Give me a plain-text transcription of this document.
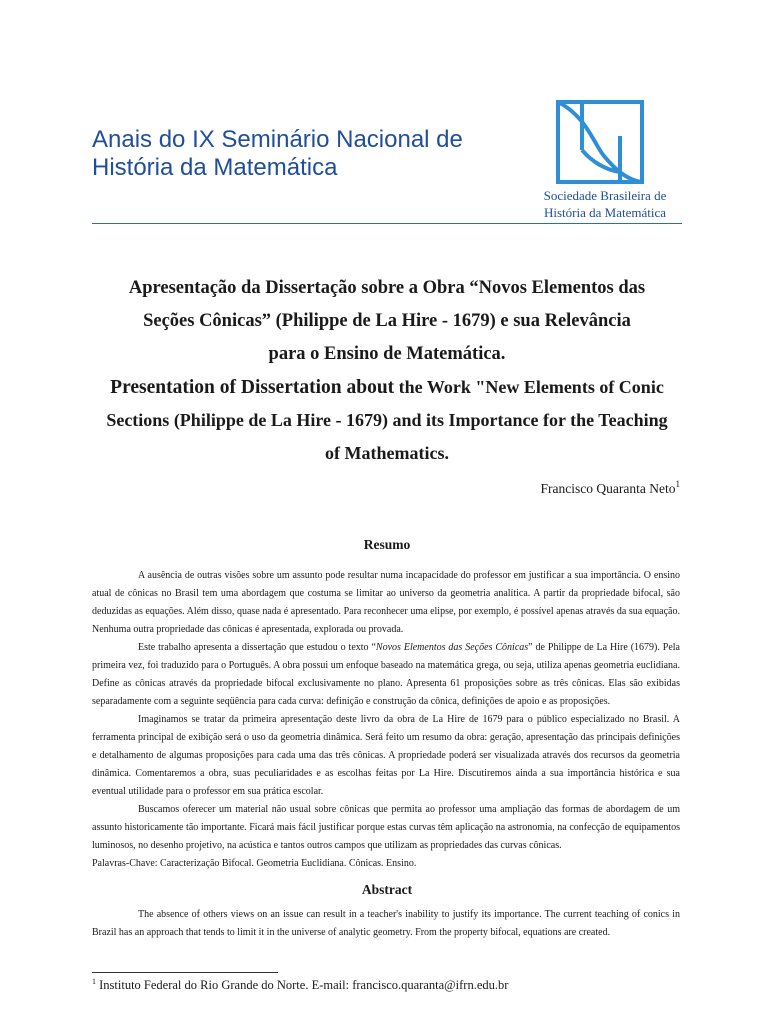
Anais do IX Seminário Nacional de
História da Matemática
Sociedade Brasileira de
História da Matemática

Apresentação da Dissertação sobre a Obra “Novos Elementos das

Seções Cônicas” (Philippe de La Hire - 1679) e sua Relevância

para o Ensino de Matemática.

Presentation of Dissertation about the Work "New Elements of Conic

Sections (Philippe de La Hire - 1679) and its Importance for the Teaching

of Mathematics.

Francisco Quaranta Neto$^1$
Resumo

A ausência de outras visões sobre um assunto pode resultar numa incapacidade do professor em justificar a sua importância. O ensino atual de cônicas no Brasil tem uma abordagem que costuma se limitar ao universo da geometria analítica. A partir da propriedade bifocal, são deduzidas as equações. Além disso, quase nada é apresentado. Para reconhecer uma elipse, por exemplo, é possível apenas através da sua equação. Nenhuma outra propriedade das cônicas é apresentada, explorada ou provada.

Este trabalho apresenta a dissertação que estudou o texto “Novos Elementos das Seções Cônicas” de Philippe de La Hire (1679). Pela primeira vez, foi traduzido para o Português. A obra possui um enfoque baseado na matemática grega, ou seja, utiliza apenas geometria euclidiana. Define as cônicas através da propriedade bifocal exclusivamente no plano. Apresenta 61 proposições sobre as três cônicas. Elas são exibidas separadamente com a seguinte seqüência para cada curva: definição e construção da cônica, definições de apoio e as proposições.

Imaginamos se tratar da primeira apresentação deste livro da obra de La Hire de 1679 para o público especializado no Brasil. A ferramenta principal de exibição será o uso da geometria dinâmica. Será feito um resumo da obra: geração, apresentação das principais definições e detalhamento de algumas proposições para cada uma das três cônicas. A propriedade poderá ser visualizada através dos recursos da geometria dinâmica. Comentaremos a obra, suas peculiaridades e as escolhas feitas por La Hire. Discutiremos ainda a sua importância histórica e sua eventual utilidade para o professor em sua prática escolar.

Buscamos oferecer um material não usual sobre cônicas que permita ao professor uma ampliação das formas de abordagem de um assunto historicamente tão importante. Ficará mais fácil justificar porque estas curvas têm aplicação na astronomia, na confecção de equipamentos luminosos, no desenho projetivo, na acústica e tantos outros campos que utilizam as propriedades das curvas cônicas.

Palavras-Chave: Caracterização Bifocal. Geometria Euclidiana. Cônicas. Ensino.

Abstract

The absence of others views on an issue can result in a teacher's inability to justify its importance. The current teaching of conics in Brazil has an approach that tends to limit it in the universe of analytic geometry. From the property bifocal, equations are created.

$^1$ Instituto Federal do Rio Grande do Norte. E-mail: francisco.quaranta@ifrn.edu.br
